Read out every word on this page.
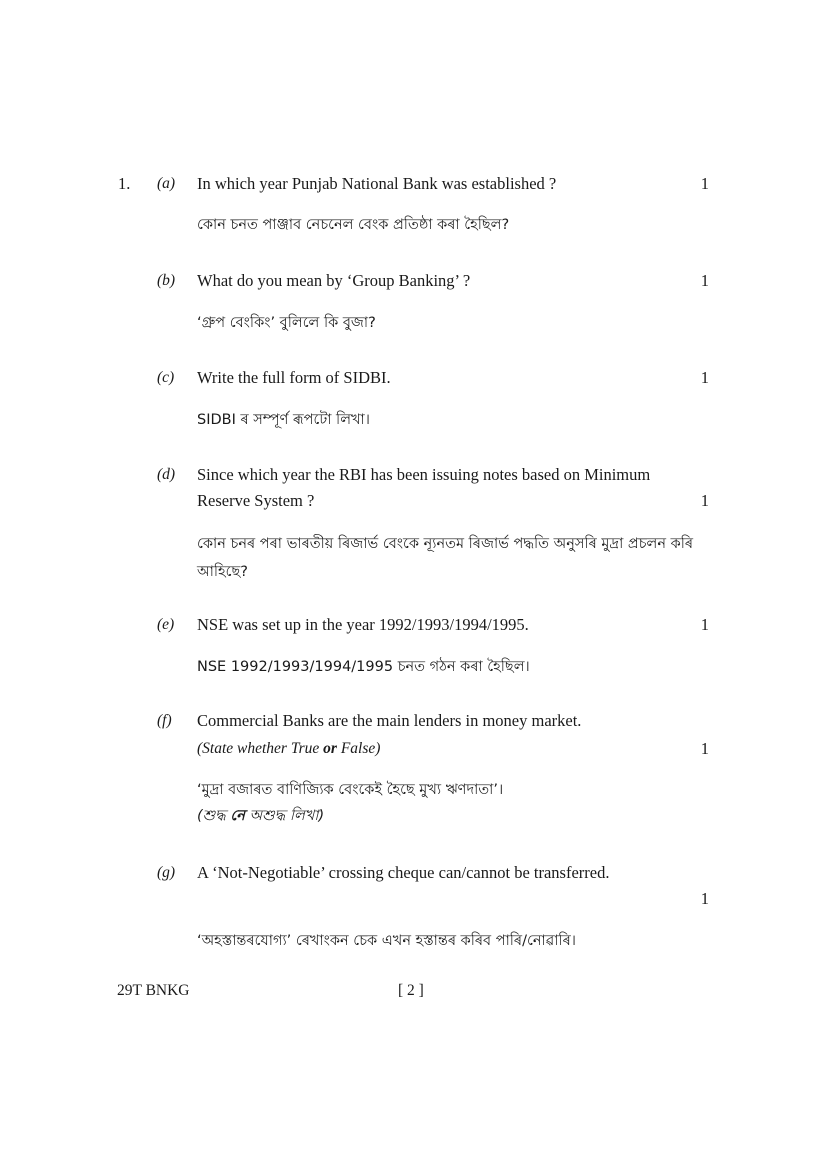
1. (a) In which year Punjab National Bank was established ?	1
কোন চনত পাঞ্জাব নেচনেল বেংক প্রতিষ্ঠা কৰা হৈছিল?
(b) What do you mean by ‘Group Banking’ ?	1
‘গ্ৰুপ বেংকিং’ বুলিলে কি বুজা?
(c) Write the full form of SIDBI.	1
SIDBI ৰ সম্পূৰ্ণ ৰূপটো লিখা।
(d) Since which year the RBI has been issuing notes based on Minimum
Reserve System ?	1
কোন চনৰ পৰা ভাৰতীয় ৰিজাৰ্ভ বেংকে ন্যূনতম ৰিজাৰ্ভ পদ্ধতি অনুসৰি মুদ্ৰা প্ৰচলন কৰি আহিছে?
(e) NSE was set up in the year 1992/1993/1994/1995.	1
NSE 1992/1993/1994/1995 চনত গঠন কৰা হৈছিল।
(f) Commercial Banks are the main lenders in money market.
(State whether True or False)	1
‘মুদ্ৰা বজাৰত বাণিজ্যিক বেংকেই হৈছে মুখ্য ঋণদাতা’।
(শুদ্ধ নে অশুদ্ধ লিখা)
(g) A ‘Not-Negotiable’ crossing cheque can/cannot be transferred.
1
‘অহস্তান্তৰযোগ্য’ ৰেখাংকন চেক এখন হস্তান্তৰ কৰিব পাৰি/নোৱাৰি।
29T BNKG	[ 2 ]
